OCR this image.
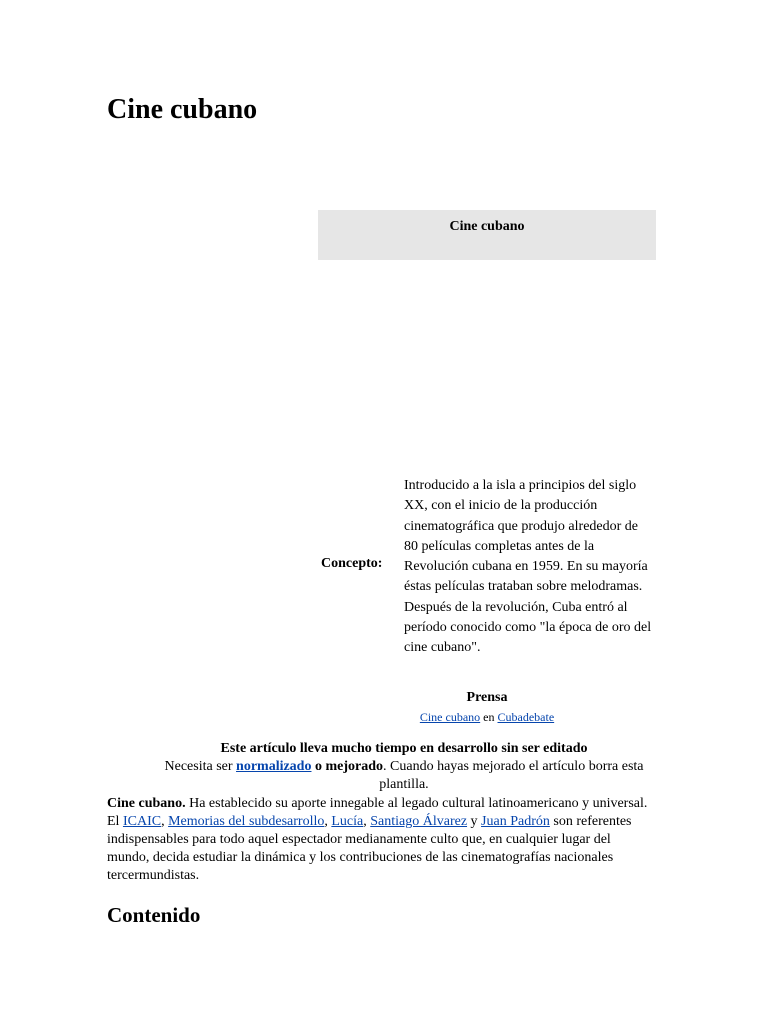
Cine cubano
Cine cubano
Concepto:
Introducido a la isla a principios del siglo XX, con el inicio de la producción cinematográfica que produjo alrededor de 80 películas completas antes de la Revolución cubana en 1959. En su mayoría éstas películas trataban sobre melodramas. Después de la revolución, Cuba entró al período conocido como "la época de oro del cine cubano".
Prensa
Cine cubano en Cubadebate
Este artículo lleva mucho tiempo en desarrollo sin ser editado
Necesita ser normalizado o mejorado. Cuando hayas mejorado el artículo borra esta plantilla.
Cine cubano. Ha establecido su aporte innegable al legado cultural latinoamericano y universal. El ICAIC, Memorias del subdesarrollo, Lucía, Santiago Álvarez y Juan Padrón son referentes indispensables para todo aquel espectador medianamente culto que, en cualquier lugar del mundo, decida estudiar la dinámica y los contribuciones de las cinematografías nacionales tercermundistas.
Contenido
